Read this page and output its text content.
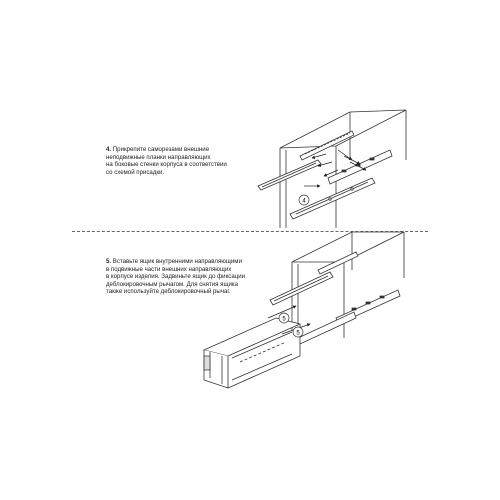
4. Прикрепите саморезами внешние
неподвижные планки направляющих
на боковые стенки корпуса в соответствии
со схемой присадки.
5. Вставьте ящик внутренними направляющими
в подвижные части внешних направляющих
в корпусе изделия. Задвиньте ящик до фиксации
деблокировочным рычагом. Для снятия ящика
также используйте деблокировочный рычаг.
4
5
5
